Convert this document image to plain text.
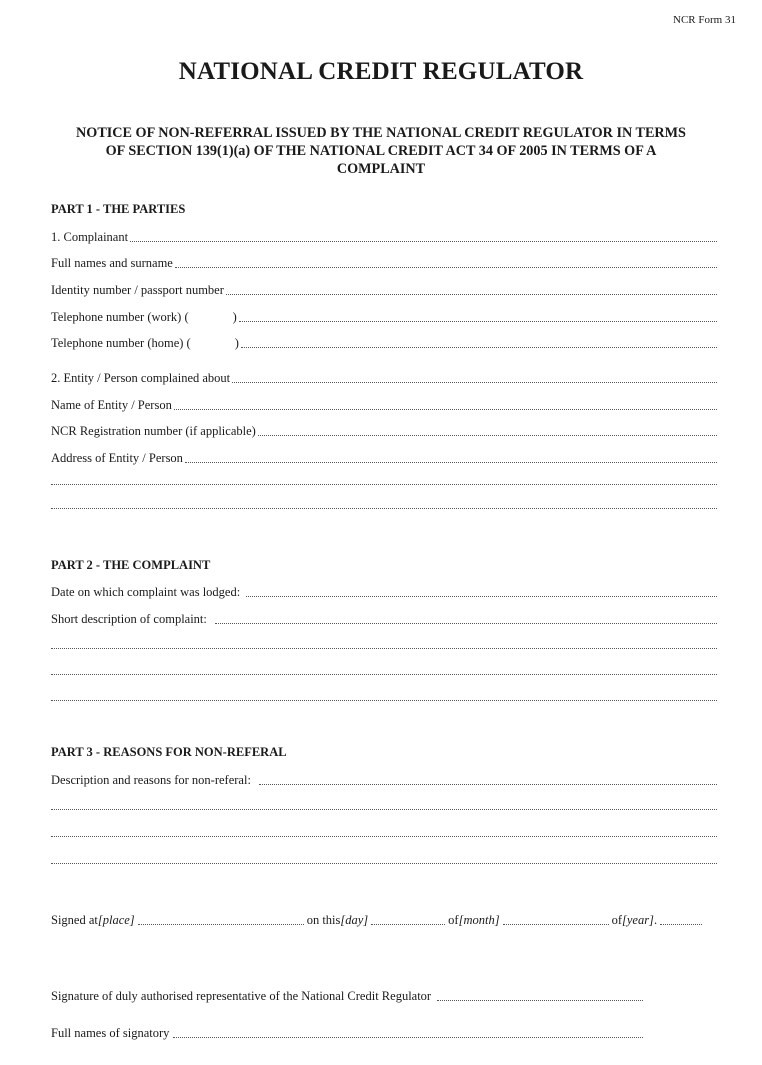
NCR Form 31
NATIONAL CREDIT REGULATOR
NOTICE OF NON-REFERRAL ISSUED BY THE NATIONAL CREDIT REGULATOR IN TERMS OF SECTION 139(1)(a) OF THE NATIONAL CREDIT ACT 34 OF 2005 IN TERMS OF A COMPLAINT
PART 1 - THE PARTIES
1. Complainant
Full names and surname
Identity number / passport number
Telephone number (work) (	)
Telephone number (home) (	)
2. Entity / Person complained about
Name of Entity / Person
NCR Registration number (if applicable)
Address of Entity / Person
PART 2 - THE COMPLAINT
Date on which complaint was lodged:
Short description of complaint:
PART 3 - REASONS FOR NON-REFERAL
Description and reasons for non-referal:
Signed at [place]	on this [day]	of [month]	of [year] .
Signature of duly authorised representative of the National Credit Regulator
Full names of signatory
